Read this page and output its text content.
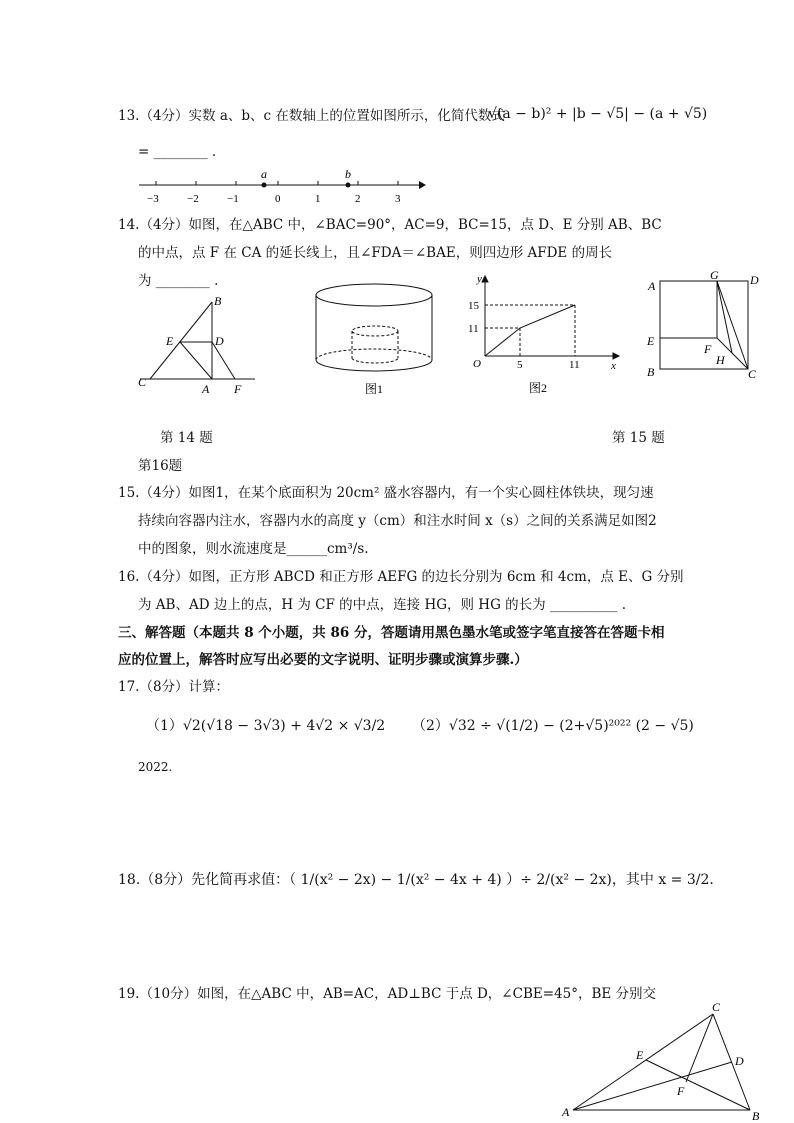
13.（4分）实数 a、b、c 在数轴上的位置如图所示，化简代数式
√(a − b)² + |b − √5| − (a + √5)
= ________ .
a	b
−3	−2	−1	0	1	2	3
14.（4分）如图，在△ABC 中，∠BAC=90°，AC=9，BC=15，点 D、E 分别 AB、BC
的中点，点 F 在 CA 的延长线上，且∠FDA＝∠BAE，则四边形 AFDE 的周长
为 ________ .
B
E	D
C	A F	图1
y
x
O
15
11
5	11
图2
A
G	D
E
F
H
B	C
第 14 题	第 15 题
第16题
15.（4分）如图1，在某个底面积为 20cm² 盛水容器内，有一个实心圆柱体铁块，现匀速
持续向容器内注水，容器内水的高度 y（cm）和注水时间 x（s）之间的关系满足如图2
中的图象，则水流速度是______cm³/s.
16.（4分）如图，正方形 ABCD 和正方形 AEFG 的边长分别为 6cm 和 4cm，点 E、G 分别
为 AB、AD 边上的点，H 为 CF 的中点，连接 HG，则 HG 的长为 __________ .
三、解答题（本题共 8 个小题，共 86 分，答题请用黑色墨水笔或签字笔直接答在答题卡相
应的位置上，解答时应写出必要的文字说明、证明步骤或演算步骤.）
17.（8分）计算：
（1）√2(√18 − 3√3) + 4√2 × √3/2 （2）√32 ÷ √(1/2) − (2+√5)²⁰²² (2 − √5)
2022.
18.（8分）先化简再求值：（ 1/(x² − 2x) − 1/(x² − 4x + 4) ）÷ 2/(x² − 2x)，其中 x = 3/2.
19.（10分）如图，在△ABC 中，AB=AC，AD⊥BC 于点 D，∠CBE=45°，BE 分别交
C
E	D
F
A	B
